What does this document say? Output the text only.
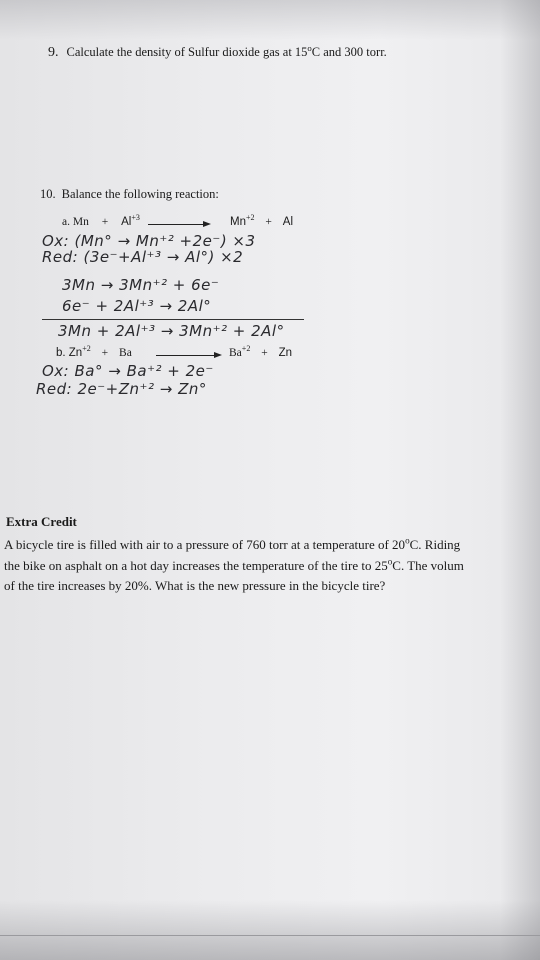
9. Calculate the density of Sulfur dioxide gas at 15$^o$C and 300 torr.
10. Balance the following reaction:
a. $Mn + Al^{+3}$	$Mn^{+2} + Al$
Ox: (Mn° → Mn⁺² +2e⁻) ×3
Red: (3e⁻+Al⁺³ → Al°) ×2
3Mn → 3Mn⁺² + 6e⁻
6e⁻ + 2Al⁺³ → 2Al°
3Mn + 2Al⁺³ → 3Mn⁺² + 2Al°
b. $Zn^{+2} + Ba$	$Ba^{+2} + Zn$
Ox: Ba° → Ba⁺² + 2e⁻
Red: 2e⁻+Zn⁺² → Zn°
Extra Credit
A bicycle tire is filled with air to a pressure of 760 torr at a temperature of 20$^o$C. Riding
the bike on asphalt on a hot day increases the temperature of the tire to 25$^o$C. The volum
of the tire increases by 20%. What is the new pressure in the bicycle tire?
